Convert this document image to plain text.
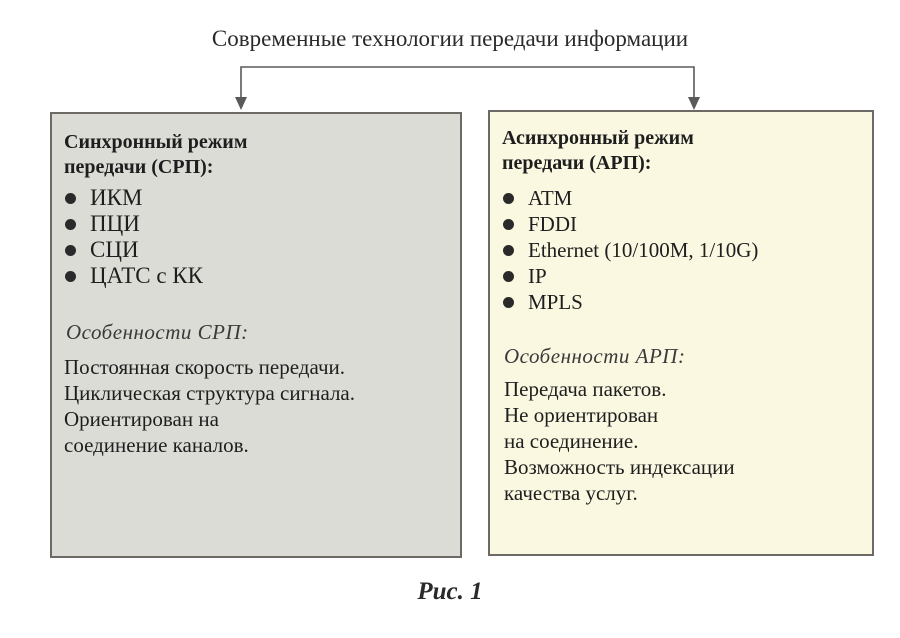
Современные технологии передачи информации
Синхронный режим
передачи (СРП):
ИКМ
ПЦИ
СЦИ
ЦАТС с КК
Особенности СРП:
Постоянная скорость передачи.
Циклическая структура сигнала.
Ориентирован на
соединение каналов.
Асинхронный режим
передачи (АРП):
ATM
FDDI
Ethernet (10/100M, 1/10G)
IP
MPLS
Особенности АРП:
Передача пакетов.
Не ориентирован
на соединение.
Возможность индексации
качества услуг.
Рис. 1
